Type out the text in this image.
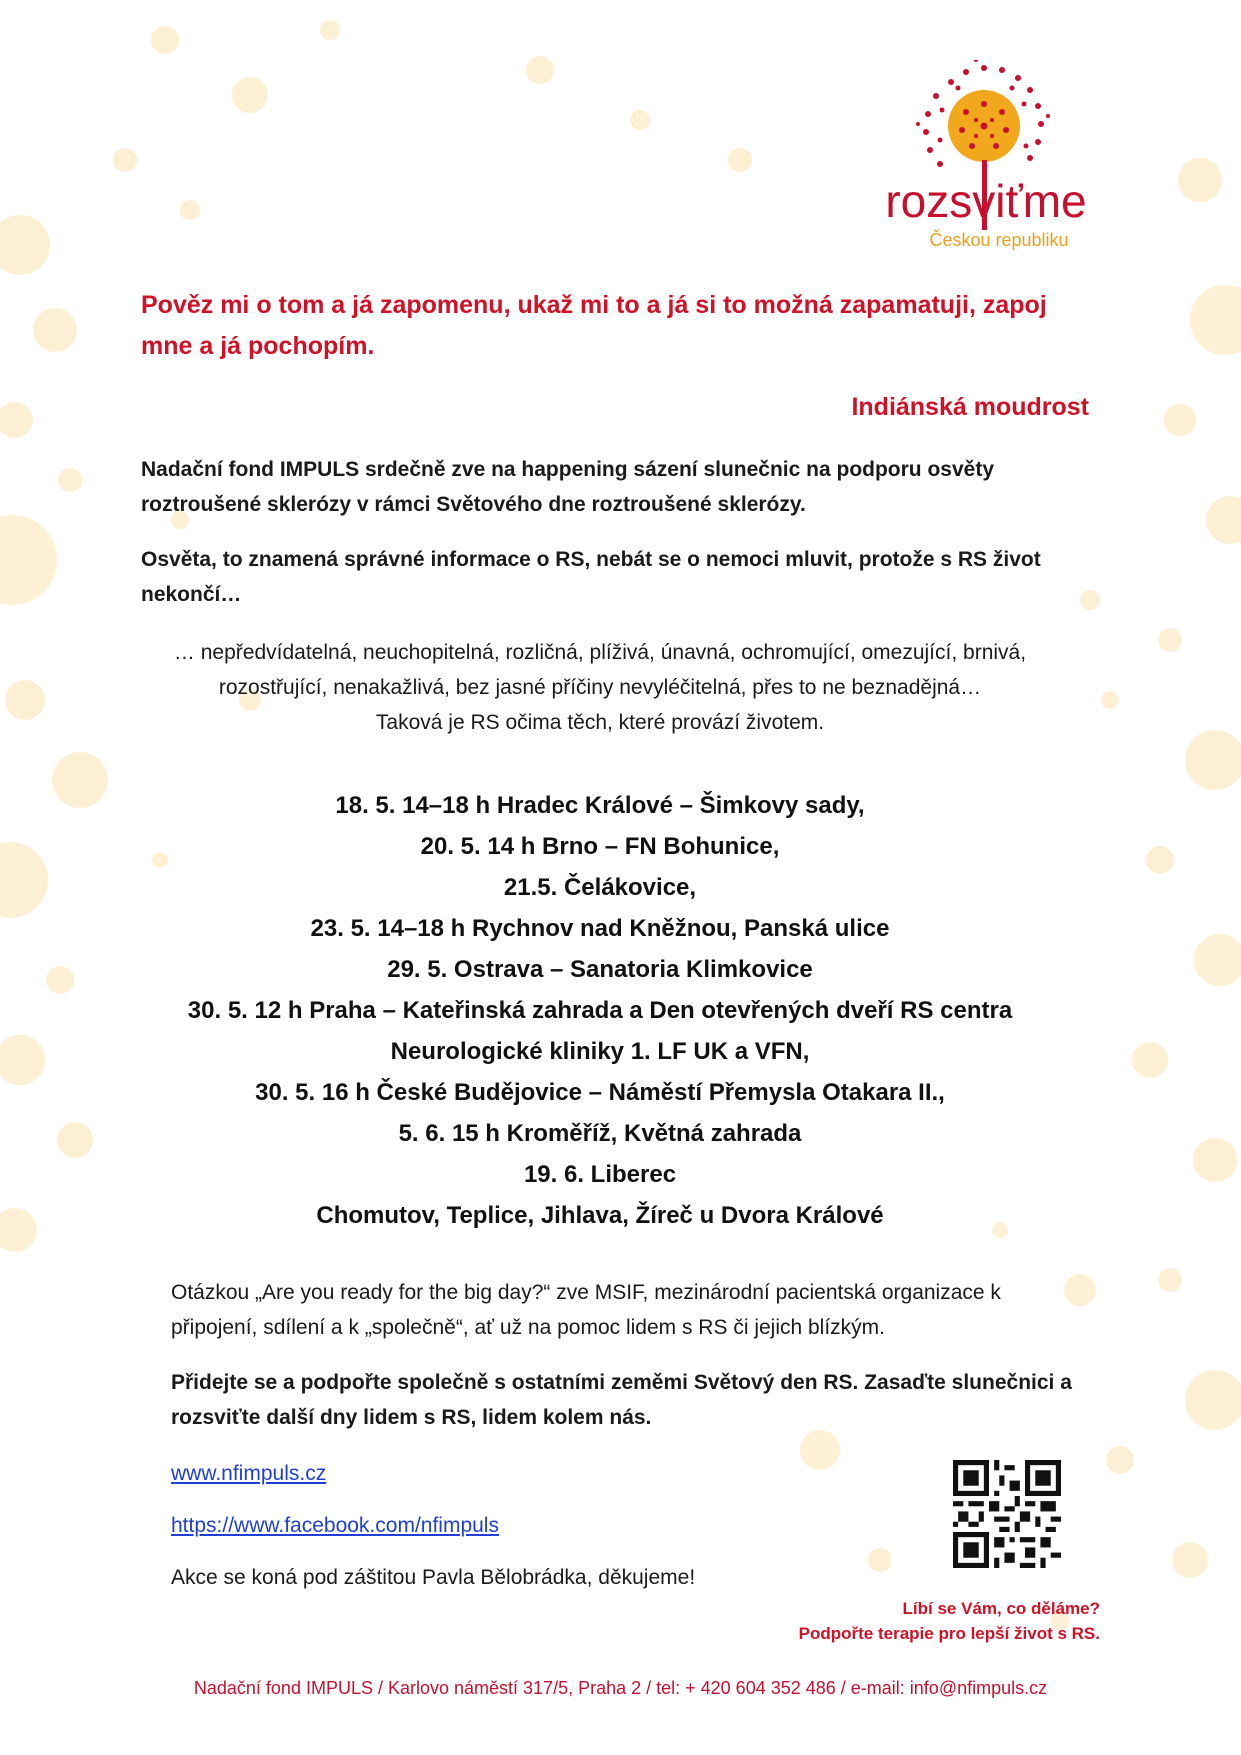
rozsviťme
Českou republiku
Pověz mi o tom a já zapomenu, ukaž mi to a já si to možná zapamatuji, zapoj mne a já pochopím.
Indiánská moudrost

Nadační fond IMPULS srdečně zve na happening sázení slunečnic na podporu osvěty roztroušené sklerózy v rámci Světového dne roztroušené sklerózy.

Osvěta, to znamená správné informace o RS, nebát se o nemoci mluvit, protože s RS život nekončí…

… nepředvídatelná, neuchopitelná, rozličná, plíživá, únavná, ochromující, omezující, brnivá,
rozostřující, nenakažlivá, bez jasné příčiny nevyléčitelná, přes to ne beznadějná…
Taková je RS očima těch, které provází životem.
18. 5. 14–18 h Hradec Králové – Šimkovy sady,
20. 5. 14 h Brno – FN Bohunice,
21.5. Čelákovice,
23. 5. 14–18 h Rychnov nad Kněžnou, Panská ulice
29. 5. Ostrava – Sanatoria Klimkovice
30. 5. 12 h Praha – Kateřinská zahrada a Den otevřených dveří RS centra
Neurologické kliniky 1. LF UK a VFN,
30. 5. 16 h České Budějovice – Náměstí Přemysla Otakara II.,
5. 6. 15 h Kroměříž, Květná zahrada
19. 6. Liberec
Chomutov, Teplice, Jihlava, Žíreč u Dvora Králové

Otázkou „Are you ready for the big day?“ zve MSIF, mezinárodní pacientská organizace k připojení, sdílení a k „společně“, ať už na pomoc lidem s RS či jejich blízkým.

Přidejte se a podpořte společně s ostatními zeměmi Světový den RS. Zasaďte slunečnici a rozsviťte další dny lidem s RS, lidem kolem nás.

www.nfimpuls.cz
https://www.facebook.com/nfimpuls
Akce se koná pod záštitou Pavla Bělobrádka, děkujeme!
Líbí se Vám, co děláme?
Podpořte terapie pro lepší život s RS.
Nadační fond IMPULS / Karlovo náměstí 317/5, Praha 2 / tel: + 420 604 352 486 / e-mail: info@nfimpuls.cz
